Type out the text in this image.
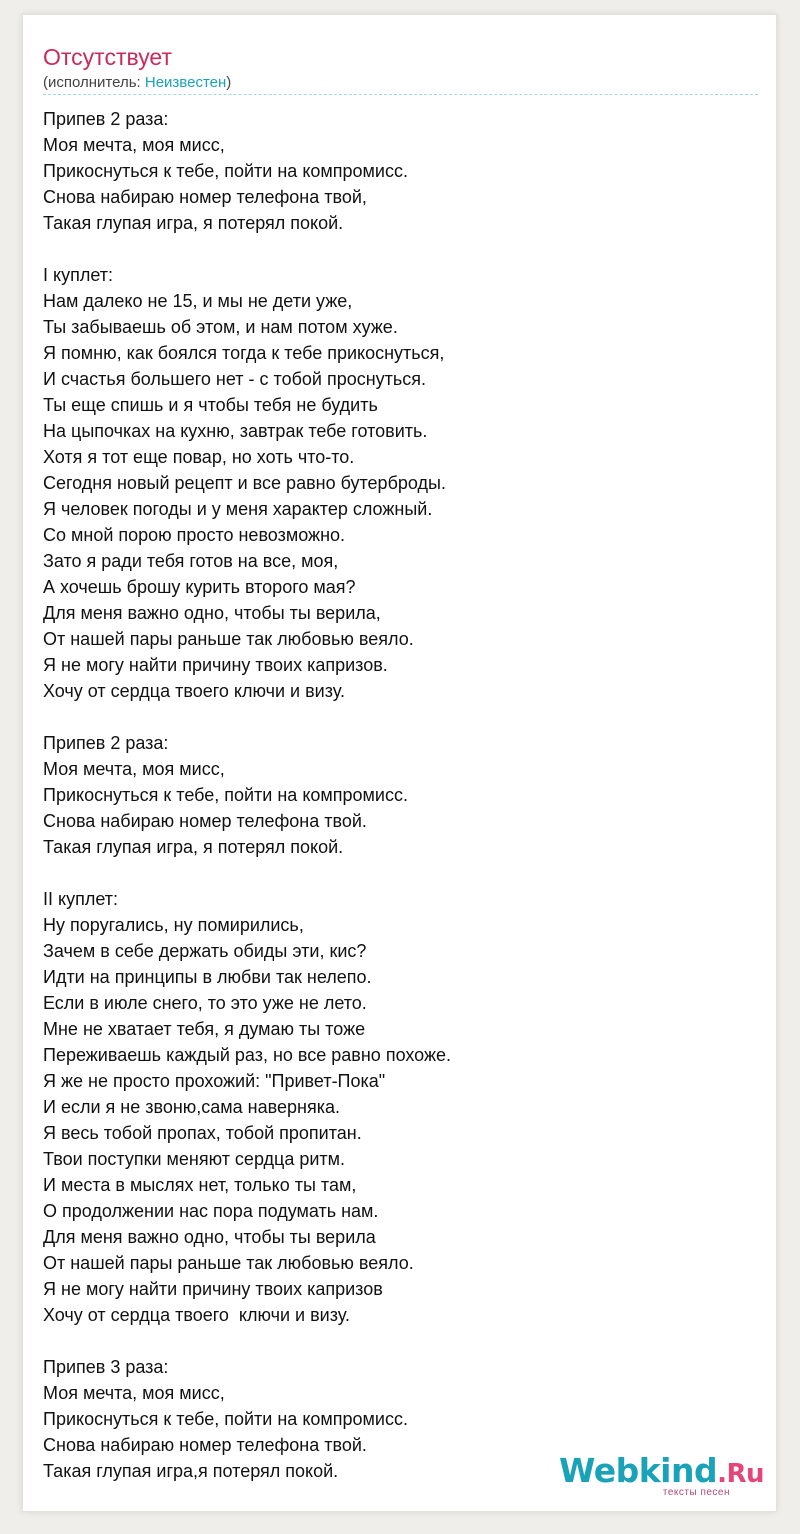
Отсутствует
(исполнитель: Неизвестен)
Припев 2 раза:
Моя мечта, моя мисс,
Прикоснуться к тебе, пойти на компромисс.
Снова набираю номер телефона твой,
Такая глупая игра, я потерял покой.
I куплет:
Нам далеко не 15, и мы не дети уже,
Ты забываешь об этом, и нам потом хуже.
Я помню, как боялся тогда к тебе прикоснуться,
И счастья большего нет - с тобой проснуться.
Ты еще спишь и я чтобы тебя не будить
На цыпочках на кухню, завтрак тебе готовить.
Хотя я тот еще повар, но хоть что-то.
Сегодня новый рецепт и все равно бутерброды.
Я человек погоды и у меня характер сложный.
Со мной порою просто невозможно.
Зато я ради тебя готов на все, моя,
А хочешь брошу курить второго мая?
Для меня важно одно, чтобы ты верила,
От нашей пары раньше так любовью веяло.
Я не могу найти причину твоих капризов.
Хочу от сердца твоего ключи и визу.
Припев 2 раза:
Моя мечта, моя мисс,
Прикоснуться к тебе, пойти на компромисс.
Снова набираю номер телефона твой.
Такая глупая игра, я потерял покой.
II куплет:
Ну поругались, ну помирились,
Зачем в себе держать обиды эти, кис?
Идти на принципы в любви так нелепо.
Если в июле снего, то это уже не лето.
Мне не хватает тебя, я думаю ты тоже
Переживаешь каждый раз, но все равно похоже.
Я же не просто прохожий: "Привет-Пока"
И если я не звоню,сама наверняка.
Я весь тобой пропах, тобой пропитан.
Твои поступки меняют сердца ритм.
И места в мыслях нет, только ты там,
О продолжении нас пора подумать нам.
Для меня важно одно, чтобы ты верила
От нашей пары раньше так любовью веяло.
Я не могу найти причину твоих капризов
Хочу от сердца твоего  ключи и визу.
Припев 3 раза:
Моя мечта, моя мисс,
Прикоснуться к тебе, пойти на компромисс.
Снова набираю номер телефона твой.
Такая глупая игра,я потерял покой.	Webkind.Ru
тексты песен
